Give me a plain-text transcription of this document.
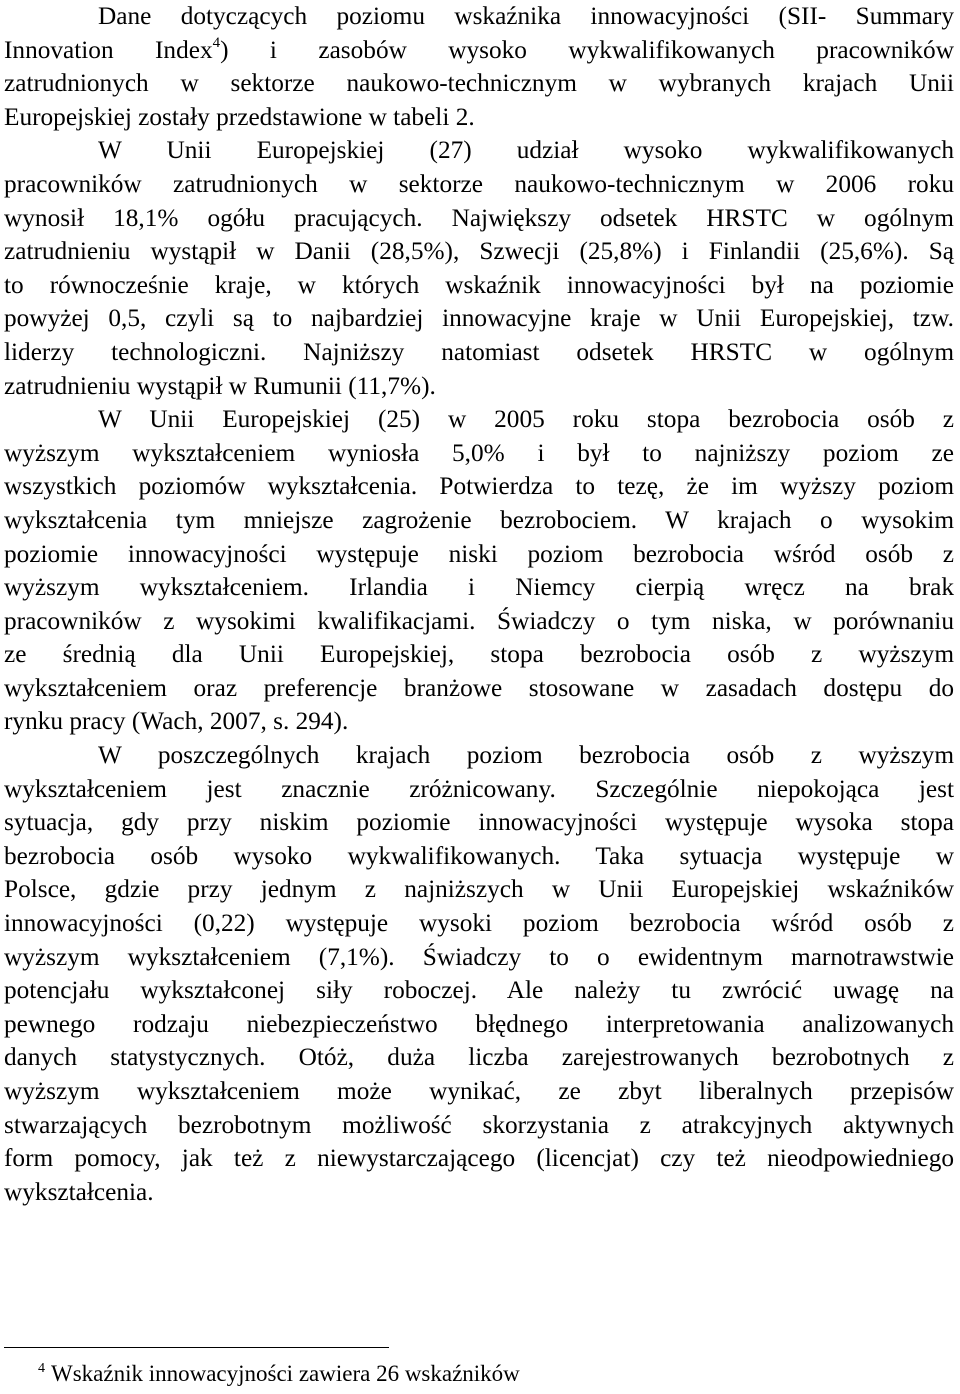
Dane dotyczących poziomu wskaźnika innowacyjności (SII- Summary
Innovation Index$^4$) i zasobów wysoko wykwalifikowanych pracowników
zatrudnionych w sektorze naukowo-technicznym w wybranych krajach Unii
Europejskiej zostały przedstawione w tabeli 2.
W Unii Europejskiej (27) udział wysoko wykwalifikowanych
pracowników zatrudnionych w sektorze naukowo-technicznym w 2006 roku
wynosił 18,1% ogółu pracujących. Największy odsetek HRSTC w ogólnym
zatrudnieniu wystąpił w Danii (28,5%), Szwecji (25,8%) i Finlandii (25,6%). Są
to równocześnie kraje, w których wskaźnik innowacyjności był na poziomie
powyżej 0,5, czyli są to najbardziej innowacyjne kraje w Unii Europejskiej, tzw.
liderzy technologiczni. Najniższy natomiast odsetek HRSTC w ogólnym
zatrudnieniu wystąpił w Rumunii (11,7%).
W Unii Europejskiej (25) w 2005 roku stopa bezrobocia osób z
wyższym wykształceniem wyniosła 5,0% i był to najniższy poziom ze
wszystkich poziomów wykształcenia. Potwierdza to tezę, że im wyższy poziom
wykształcenia tym mniejsze zagrożenie bezrobociem. W krajach o wysokim
poziomie innowacyjności występuje niski poziom bezrobocia wśród osób z
wyższym wykształceniem. Irlandia i Niemcy cierpią wręcz na brak
pracowników z wysokimi kwalifikacjami. Świadczy o tym niska, w porównaniu
ze średnią dla Unii Europejskiej, stopa bezrobocia osób z wyższym
wykształceniem oraz preferencje branżowe stosowane w zasadach dostępu do
rynku pracy (Wach, 2007, s. 294).
W poszczególnych krajach poziom bezrobocia osób z wyższym
wykształceniem jest znacznie zróżnicowany. Szczególnie niepokojąca jest
sytuacja, gdy przy niskim poziomie innowacyjności występuje wysoka stopa
bezrobocia osób wysoko wykwalifikowanych. Taka sytuacja występuje w
Polsce, gdzie przy jednym z najniższych w Unii Europejskiej wskaźników
innowacyjności (0,22) występuje wysoki poziom bezrobocia wśród osób z
wyższym wykształceniem (7,1%). Świadczy to o ewidentnym marnotrawstwie
potencjału wykształconej siły roboczej. Ale należy tu zwrócić uwagę na
pewnego rodzaju niebezpieczeństwo błędnego interpretowania analizowanych
danych statystycznych. Otóż, duża liczba zarejestrowanych bezrobotnych z
wyższym wykształceniem może wynikać, ze zbyt liberalnych przepisów
stwarzających bezrobotnym możliwość skorzystania z atrakcyjnych aktywnych
form pomocy, jak też z niewystarczającego (licencjat) czy też nieodpowiedniego
wykształcenia.
$^4$ Wskaźnik innowacyjności zawiera 26 wskaźników
